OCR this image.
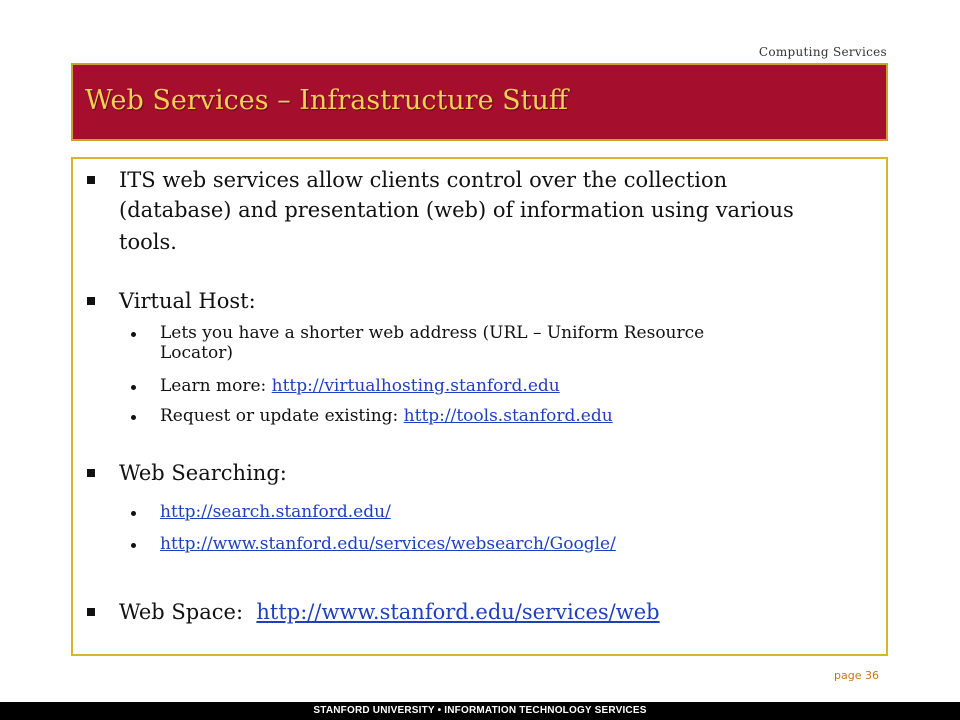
Computing Services
Web Services – Infrastructure Stuff
ITS web services allow clients control over the collection
(database) and presentation (web) of information using various
tools.
Virtual Host:
Lets you have a shorter web address (URL – Uniform Resource
Locator)
Learn more: http://virtualhosting.stanford.edu
Request or update existing: http://tools.stanford.edu
Web Searching:
http://search.stanford.edu/
http://www.stanford.edu/services/websearch/Google/
Web Space:  http://www.stanford.edu/services/web
page 36
STANFORD UNIVERSITY • INFORMATION TECHNOLOGY SERVICES
